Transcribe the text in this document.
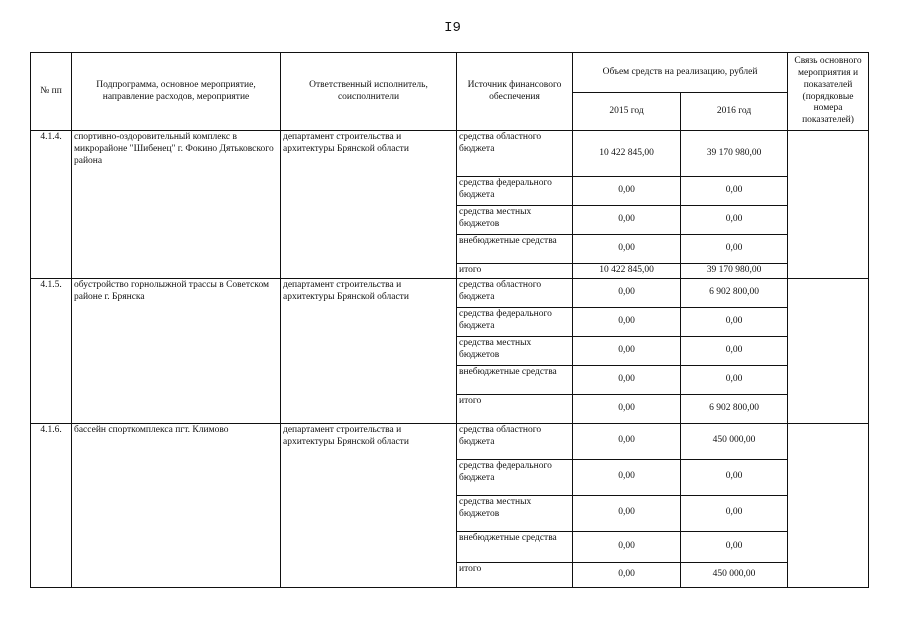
I9
№ пп	Подпрограмма, основное мероприятие, направление расходов, мероприятие	Ответственный исполнитель, соисполнители	Источник финансового обеспечения	Объем средств на реализацию, рублей		Связь основного мероприятия и показателей (порядковые номера показателей)
				2015 год	2016 год	
4.1.4.	спортивно-оздоровительный комплекс в микрорайоне "Шибенец" г. Фокино Дятьковского района	департамент строительства и архитектуры Брянской области	средства областного бюджета	10 422 845,00	39 170 980,00	
			средства федерального бюджета	0,00	0,00	
			средства местных бюджетов	0,00	0,00	
			внебюджетные средства	0,00	0,00	
			итого	10 422 845,00	39 170 980,00	
4.1.5.	обустройство горнолыжной трассы в Советском районе г. Брянска	департамент строительства и архитектуры Брянской области	средства областного бюджета	0,00	6 902 800,00	
			средства федерального бюджета	0,00	0,00	
			средства местных бюджетов	0,00	0,00	
			внебюджетные средства	0,00	0,00	
			итого	0,00	6 902 800,00	
4.1.6.	бассейн спорткомплекса пгт. Климово	департамент строительства и архитектуры Брянской области	средства областного бюджета	0,00	450 000,00	
			средства федерального бюджета	0,00	0,00	
			средства местных бюджетов	0,00	0,00	
			внебюджетные средства	0,00	0,00	
			итого	0,00	450 000,00	
